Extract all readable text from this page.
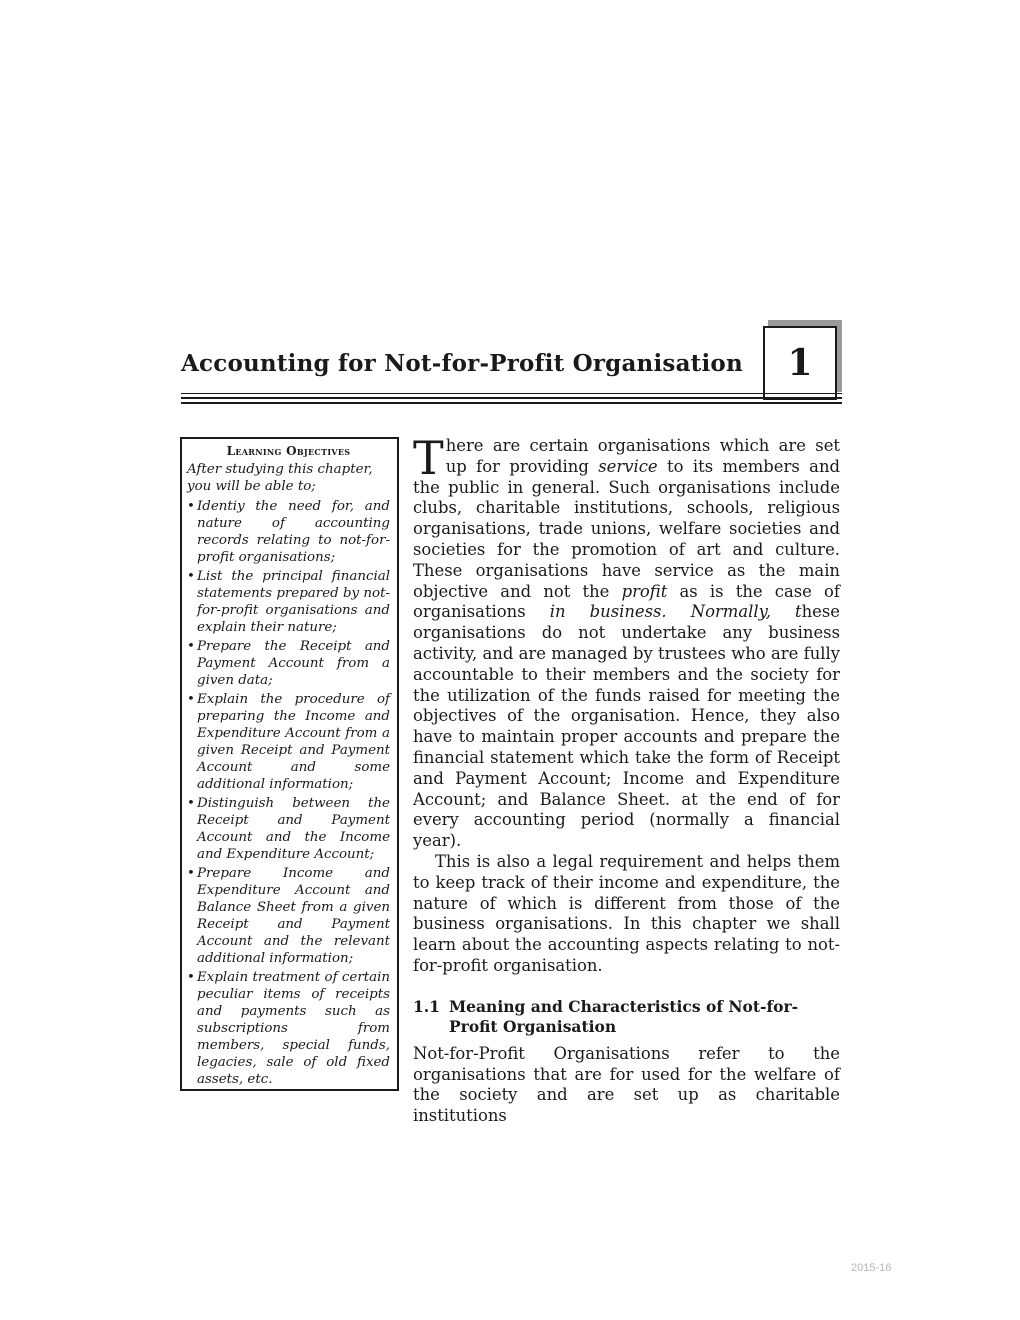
Accounting for Not-for-Profit Organisation	1
Learning Objectives

After studying this chapter, you will be able to;

• Identiy the need for, and nature of accounting records relating to not-for-profit organisations;
• List the principal financial statements prepared by not-for-profit organisations and explain their nature;
• Prepare the Receipt and Payment Account from a given data;
• Explain the procedure of preparing the Income and Expenditure Account from a given Receipt and Payment Account and some additional information;
• Distinguish between the Receipt and Payment Account and the Income and Expenditure Account;
• Prepare Income and Expenditure Account and Balance Sheet from a given Receipt and Payment Account and the relevant additional information;
• Explain treatment of certain peculiar items of receipts and payments such as subscriptions from members, special funds, legacies, sale of old fixed assets, etc.

There are certain organisations which are set up for providing service to its members and the public in general. Such organisations include clubs, charitable institutions, schools, religious organisations, trade unions, welfare societies and societies for the promotion of art and culture. These organisations have service as the main objective and not the profit as is the case of organisations in business. Normally, these organisations do not undertake any business activity, and are managed by trustees who are fully accountable to their members and the society for the utilization of the funds raised for meeting the objectives of the organisation. Hence, they also have to maintain proper accounts and prepare the financial statement which take the form of Receipt and Payment Account; Income and Expenditure Account; and Balance Sheet. at the end of for every accounting period (normally a financial year).

This is also a legal requirement and helps them to keep track of their income and expenditure, the nature of which is different from those of the business organisations. In this chapter we shall learn about the accounting aspects relating to not-for-profit organisation.

1.1 Meaning and Characteristics of Not-for-Profit Organisation

Not-for-Profit Organisations refer to the organisations that are for used for the welfare of the society and are set up as charitable institutions

2015-16
